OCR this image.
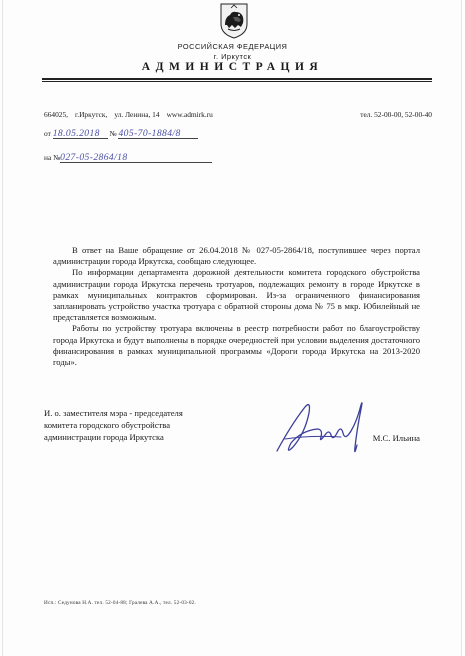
РОССИЙСКАЯ ФЕДЕРАЦИЯ
г. Иркутск
АДМИНИСТРАЦИЯ
664025, г.Иркутск, ул. Ленина, 14 www.admirk.ru	тел. 52-00-00, 52-00-40
от 18.05.2018 № 405-70-1884/8
на №027-05-2864/18

В ответ на Ваше обращение от 26.04.2018 № 027-05-2864/18, поступившее через портал администрации города Иркутска, сообщаю следующее.

По информации департамента дорожной деятельности комитета городского обустройства администрации города Иркутска перечень тротуаров, подлежащих ремонту в городе Иркутске в рамках муниципальных контрактов сформирован. Из-за ограниченного финансирования запланировать устройство участка тротуара с обратной стороны дома № 75 в мкр. Юбилейный не представляется возможным.

Работы по устройству тротуара включены в реестр потребности работ по благоустройству города Иркутска и будут выполнены в порядке очередностей при условии выделения достаточного финансирования в рамках муниципальной программы «Дороги города Иркутска на 2013-2020 годы».

И. о. заместителя мэра - председателя
комитета городского обустройства
администрации города Иркутска	М.С. Ильина
Исп.: Седунова Н.А. тел. 52-04-88; Гралева А.А., тел. 52-03-02.
